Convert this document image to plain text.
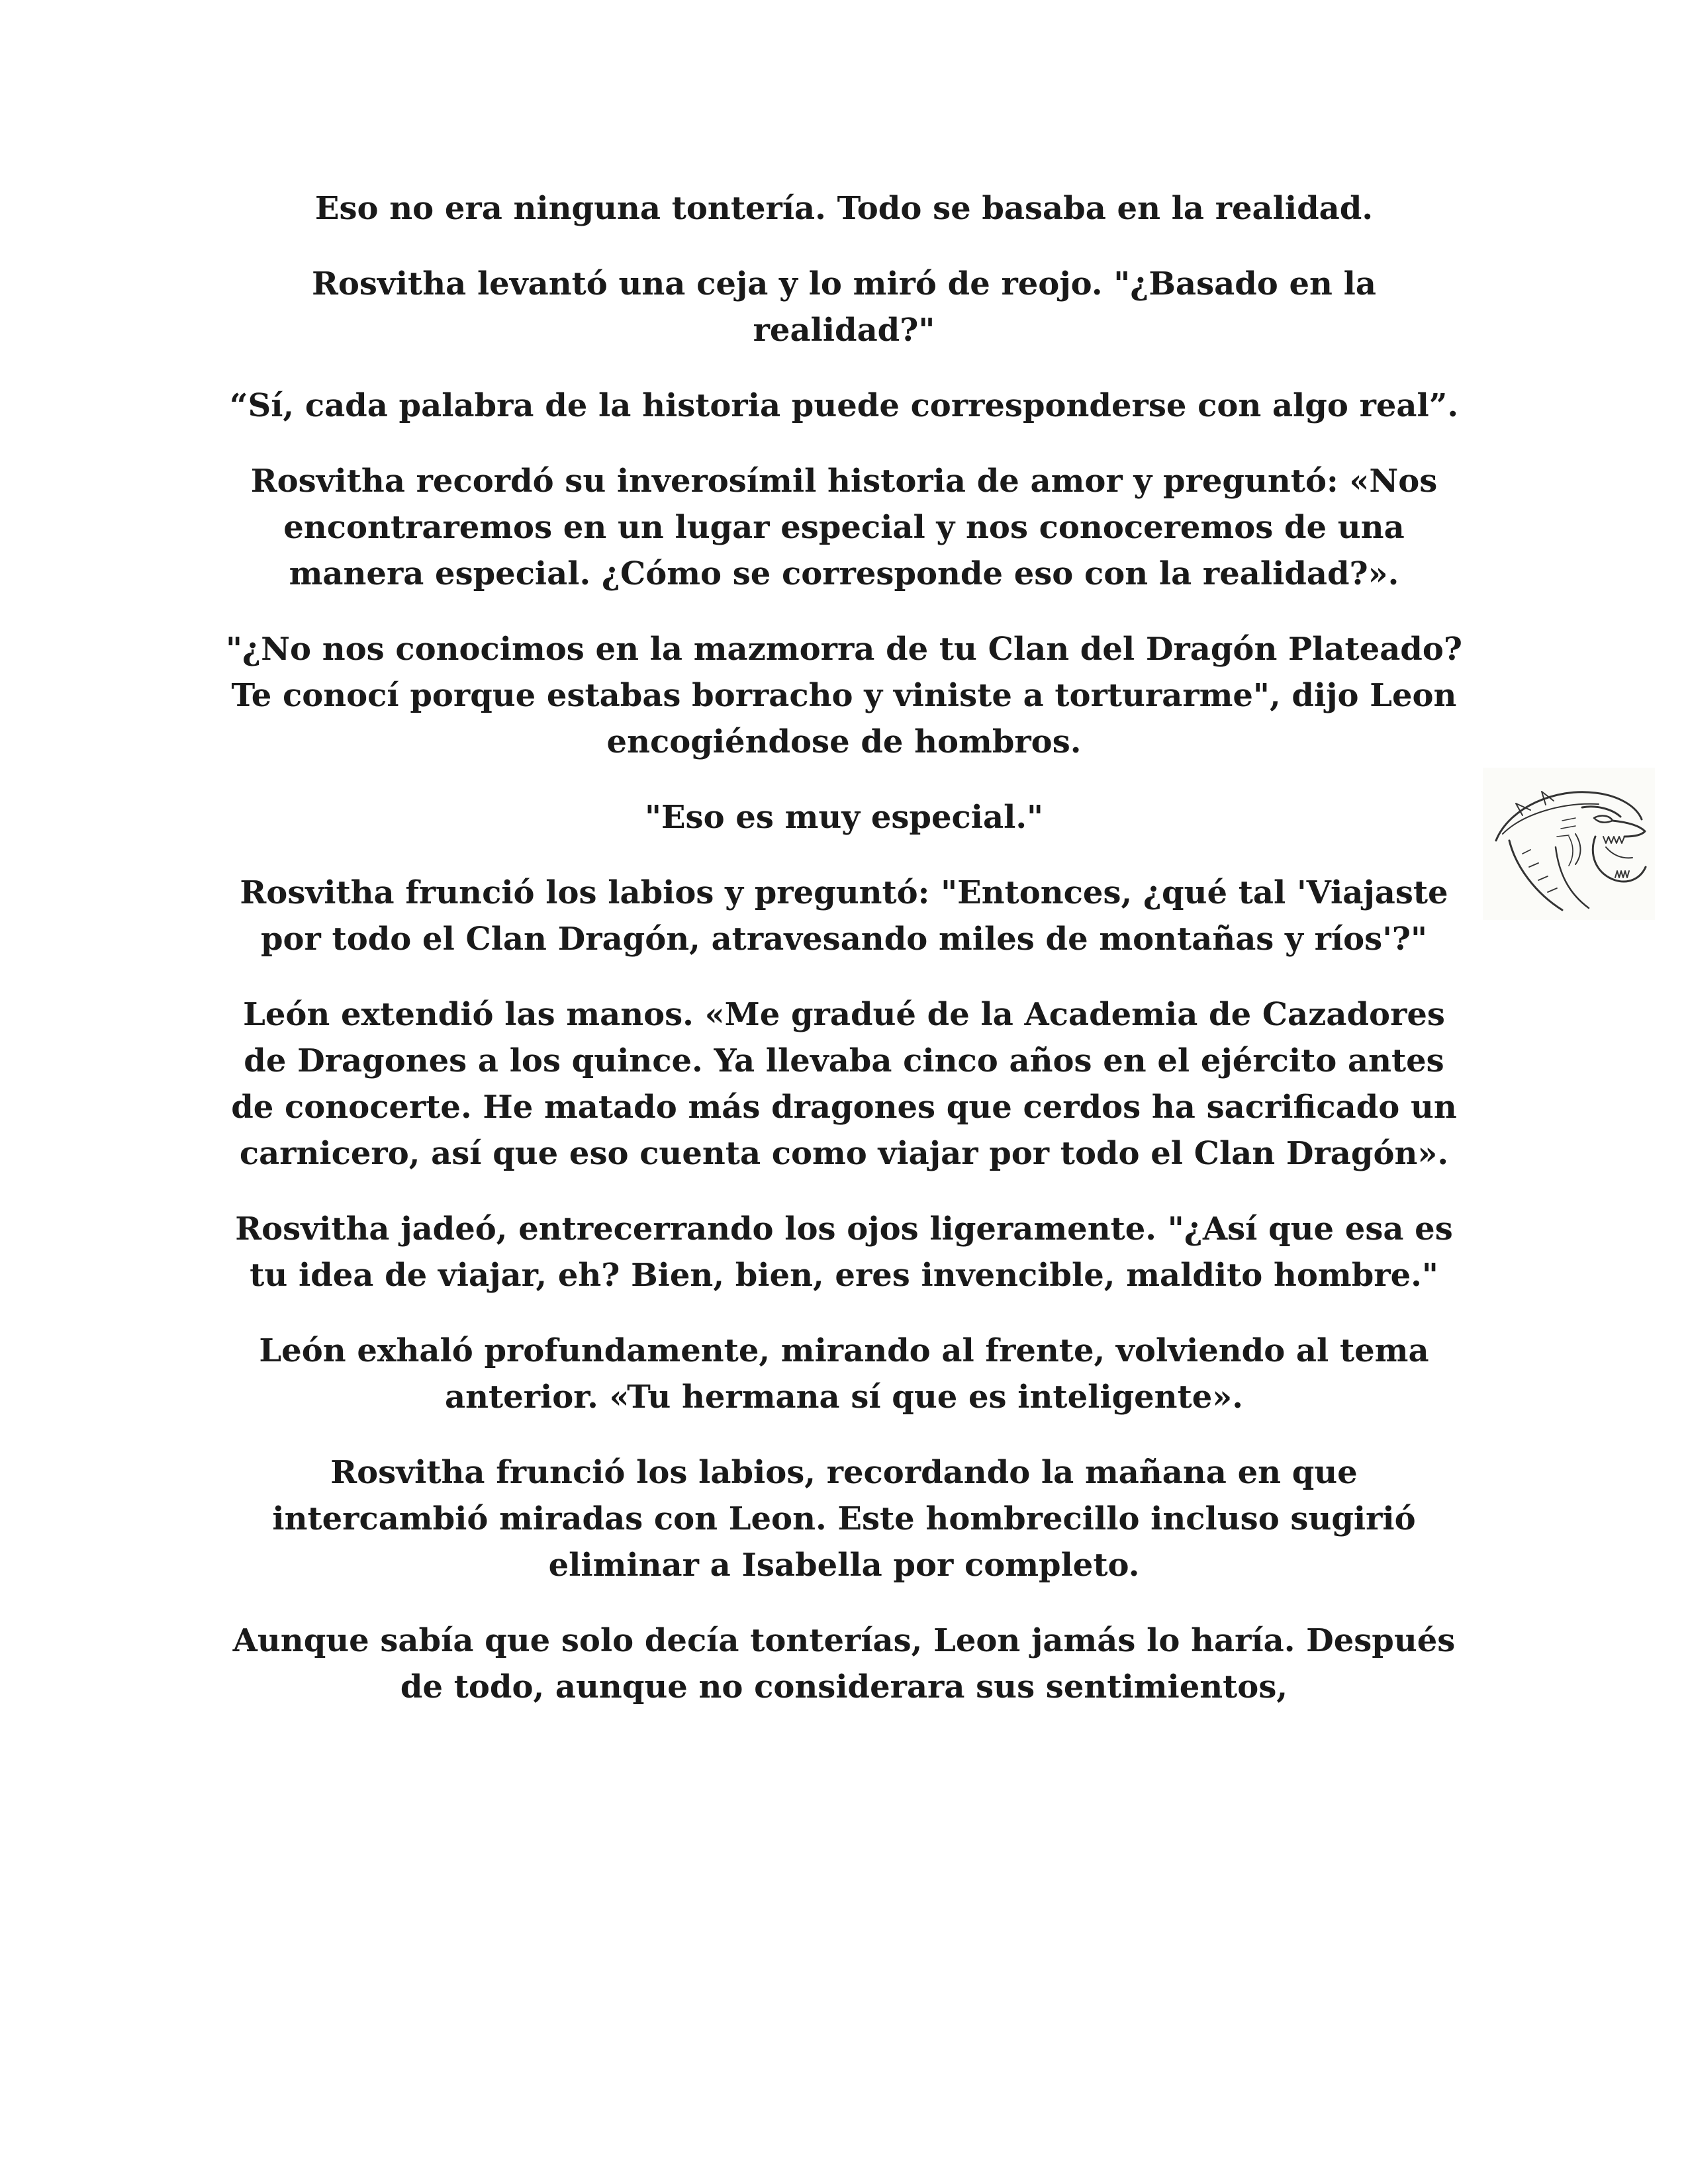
Eso no era ninguna tontería. Todo se basaba en la realidad.

Rosvitha levantó una ceja y lo miró de reojo. "¿Basado en la realidad?"

“Sí, cada palabra de la historia puede corresponderse con algo real”.

Rosvitha recordó su inverosímil historia de amor y preguntó: «Nos encontraremos en un lugar especial y nos conoceremos de una manera especial. ¿Cómo se corresponde eso con la realidad?».

"¿No nos conocimos en la mazmorra de tu Clan del Dragón Plateado? Te conocí porque estabas borracho y viniste a torturarme", dijo Leon encogiéndose de hombros.

"Eso es muy especial."

Rosvitha frunció los labios y preguntó: "Entonces, ¿qué tal 'Viajaste por todo el Clan Dragón, atravesando miles de montañas y ríos'?"

León extendió las manos. «Me gradué de la Academia de Cazadores de Dragones a los quince. Ya llevaba cinco años en el ejército antes de conocerte. He matado más dragones que cerdos ha sacrificado un carnicero, así que eso cuenta como viajar por todo el Clan Dragón».

Rosvitha jadeó, entrecerrando los ojos ligeramente. "¿Así que esa es tu idea de viajar, eh? Bien, bien, eres invencible, maldito hombre."

León exhaló profundamente, mirando al frente, volviendo al tema anterior. «Tu hermana sí que es inteligente».

Rosvitha frunció los labios, recordando la mañana en que intercambió miradas con Leon. Este hombrecillo incluso sugirió eliminar a Isabella por completo.

Aunque sabía que solo decía tonterías, Leon jamás lo haría. Después de todo, aunque no considerara sus sentimientos,
